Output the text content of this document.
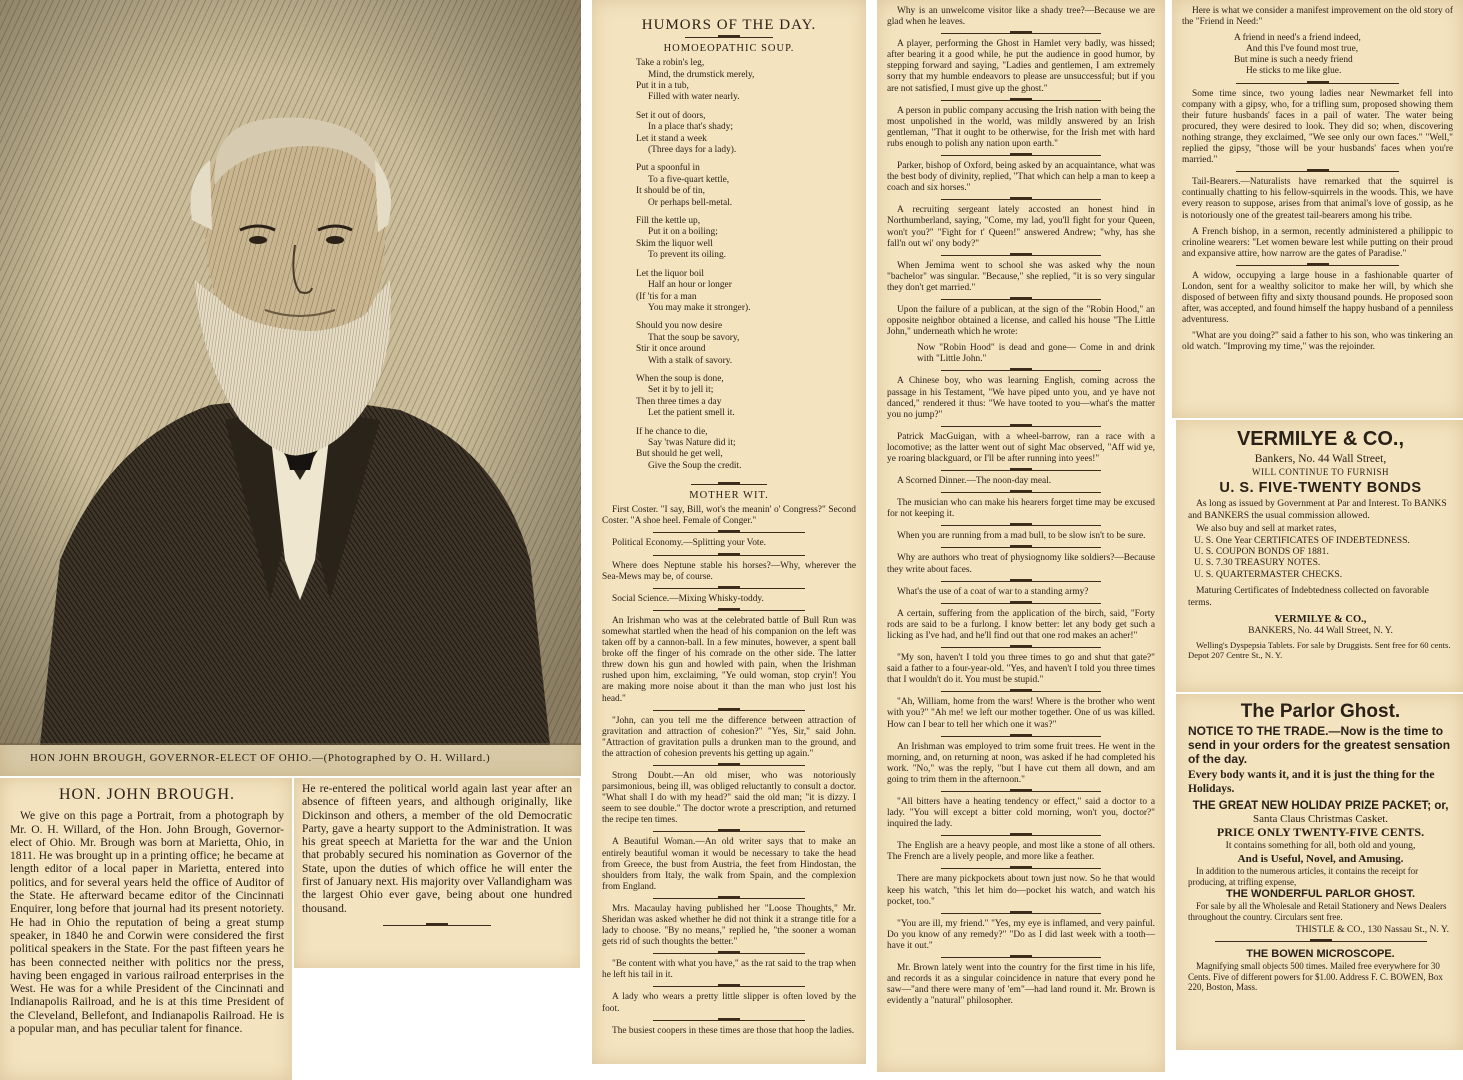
HON JOHN BROUGH, GOVERNOR-ELECT OF OHIO.—(Photographed by O. H. Willard.)
HON. JOHN BROUGH.

We give on this page a Portrait, from a photograph by Mr. O. H. Willard, of the Hon. John Brough, Governor-elect of Ohio. Mr. Brough was born at Marietta, Ohio, in 1811. He was brought up in a printing office; he became at length editor of a local paper in Marietta, entered into politics, and for several years held the office of Auditor of the State. He afterward became editor of the Cincinnati Enquirer, long before that journal had its present notoriety. He had in Ohio the reputation of being a great stump speaker, in 1840 he and Corwin were considered the first political speakers in the State. For the past fifteen years he has been connected neither with politics nor the press, having been engaged in various railroad enterprises in the West. He was for a while President of the Cincinnati and Indianapolis Railroad, and he is at this time President of the Cleveland, Bellefont, and Indianapolis Railroad. He is a popular man, and has peculiar talent for finance.

He re-entered the political world again last year after an absence of fifteen years, and although originally, like Dickinson and others, a member of the old Democratic Party, gave a hearty support to the Administration. It was his great speech at Marietta for the war and the Union that probably secured his nomination as Governor of the State, upon the duties of which office he will enter the first of January next. His majority over Vallandigham was the largest Ohio ever gave, being about one hundred thousand.

HUMORS OF THE DAY.
HOMOEOPATHIC SOUP.
Take a robin's leg,
Mind, the drumstick merely,
Put it in a tub,
Filled with water nearly.
Set it out of doors,
In a place that's shady;
Let it stand a week
(Three days for a lady).
Put a spoonful in
To a five-quart kettle,
It should be of tin,
Or perhaps bell-metal.
Fill the kettle up,
Put it on a boiling;
Skim the liquor well
To prevent its oiling.
Let the liquor boil
Half an hour or longer
(If 'tis for a man
You may make it stronger).
Should you now desire
That the soup be savory,
Stir it once around
With a stalk of savory.
When the soup is done,
Set it by to jell it;
Then three times a day
Let the patient smell it.
If he chance to die,
Say 'twas Nature did it;
But should he get well,
Give the Soup the credit.
MOTHER WIT.

First Coster. "I say, Bill, wot's the meanin' o' Congress?" Second Coster. "A shoe heel. Female of Conger."

Political Economy.—Splitting your Vote.

Where does Neptune stable his horses?—Why, wherever the Sea-Mews may be, of course.

Social Science.—Mixing Whisky-toddy.

An Irishman who was at the celebrated battle of Bull Run was somewhat startled when the head of his companion on the left was taken off by a cannon-ball. In a few minutes, however, a spent ball broke off the finger of his comrade on the other side. The latter threw down his gun and howled with pain, when the Irishman rushed upon him, exclaiming, "Ye ould woman, stop cryin'! You are making more noise about it than the man who just lost his head."

"John, can you tell me the difference between attraction of gravitation and attraction of cohesion?" "Yes, Sir," said John. "Attraction of gravitation pulls a drunken man to the ground, and the attraction of cohesion prevents his getting up again."

Strong Doubt.—An old miser, who was notoriously parsimonious, being ill, was obliged reluctantly to consult a doctor. "What shall I do with my head?" said the old man; "it is dizzy. I seem to see double." The doctor wrote a prescription, and returned the recipe ten times.

A Beautiful Woman.—An old writer says that to make an entirely beautiful woman it would be necessary to take the head from Greece, the bust from Austria, the feet from Hindostan, the shoulders from Italy, the walk from Spain, and the complexion from England.

Mrs. Macaulay having published her "Loose Thoughts," Mr. Sheridan was asked whether he did not think it a strange title for a lady to choose. "By no means," replied he, "the sooner a woman gets rid of such thoughts the better."

"Be content with what you have," as the rat said to the trap when he left his tail in it.

A lady who wears a pretty little slipper is often loved by the foot.

The busiest coopers in these times are those that hoop the ladies.

Why is an unwelcome visitor like a shady tree?—Because we are glad when he leaves.

A player, performing the Ghost in Hamlet very badly, was hissed; after bearing it a good while, he put the audience in good humor, by stepping forward and saying, "Ladies and gentlemen, I am extremely sorry that my humble endeavors to please are unsuccessful; but if you are not satisfied, I must give up the ghost."

A person in public company accusing the Irish nation with being the most unpolished in the world, was mildly answered by an Irish gentleman, "That it ought to be otherwise, for the Irish met with hard rubs enough to polish any nation upon earth."

Parker, bishop of Oxford, being asked by an acquaintance, what was the best body of divinity, replied, "That which can help a man to keep a coach and six horses."

A recruiting sergeant lately accosted an honest hind in Northumberland, saying, "Come, my lad, you'll fight for your Queen, won't you?" "Fight for t' Queen!" answered Andrew; "why, has she fall'n out wi' ony body?"

When Jemima went to school she was asked why the noun "bachelor" was singular. "Because," she replied, "it is so very singular they don't get married."

Upon the failure of a publican, at the sign of the "Robin Hood," an opposite neighbor obtained a license, and called his house "The Little John," underneath which he wrote:

Now "Robin Hood" is dead and gone— Come in and drink with "Little John."

A Chinese boy, who was learning English, coming across the passage in his Testament, "We have piped unto you, and ye have not danced," rendered it thus: "We have tooted to you—what's the matter you no jump?"

Patrick MacGuigan, with a wheel-barrow, ran a race with a locomotive; as the latter went out of sight Mac observed, "Aff wid ye, ye roaring blackguard, or I'll be after running into yees!"

A Scorned Dinner.—The noon-day meal.

The musician who can make his hearers forget time may be excused for not keeping it.

When you are running from a mad bull, to be slow isn't to be sure.

Why are authors who treat of physiognomy like soldiers?—Because they write about faces.

What's the use of a coat of war to a standing army?

A certain, suffering from the application of the birch, said, "Forty rods are said to be a furlong. I know better: let any body get such a licking as I've had, and he'll find out that one rod makes an acher!"

"My son, haven't I told you three times to go and shut that gate?" said a father to a four-year-old. "Yes, and haven't I told you three times that I wouldn't do it. You must be stupid."

"Ah, William, home from the wars! Where is the brother who went with you?" "Ah me! we left our mother together. One of us was killed. How can I bear to tell her which one it was?"

An Irishman was employed to trim some fruit trees. He went in the morning, and, on returning at noon, was asked if he had completed his work. "No," was the reply, "but I have cut them all down, and am going to trim them in the afternoon."

"All bitters have a heating tendency or effect," said a doctor to a lady. "You will except a bitter cold morning, won't you, doctor?" inquired the lady.

The English are a heavy people, and most like a stone of all others. The French are a lively people, and more like a feather.

There are many pickpockets about town just now. So he that would keep his watch, "this let him do—pocket his watch, and watch his pocket, too."

"You are ill, my friend." "Yes, my eye is inflamed, and very painful. Do you know of any remedy?" "Do as I did last week with a tooth—have it out."

Mr. Brown lately went into the country for the first time in his life, and records it as a singular coincidence in nature that every pond he saw—"and there were many of 'em"—had land round it. Mr. Brown is evidently a "natural" philosopher.

Here is what we consider a manifest improvement on the old story of the "Friend in Need:"

A friend in need's a friend indeed,
And this I've found most true,
But mine is such a needy friend
He sticks to me like glue.

Some time since, two young ladies near Newmarket fell into company with a gipsy, who, for a trifling sum, proposed showing them their future husbands' faces in a pail of water. The water being procured, they were desired to look. They did so; when, discovering nothing strange, they exclaimed, "We see only our own faces." "Well," replied the gipsy, "those will be your husbands' faces when you're married."

Tail-Bearers.—Naturalists have remarked that the squirrel is continually chatting to his fellow-squirrels in the woods. This, we have every reason to suppose, arises from that animal's love of gossip, as he is notoriously one of the greatest tail-bearers among his tribe.

A French bishop, in a sermon, recently administered a philippic to crinoline wearers: "Let women beware lest while putting on their proud and expansive attire, how narrow are the gates of Paradise."

A widow, occupying a large house in a fashionable quarter of London, sent for a wealthy solicitor to make her will, by which she disposed of between fifty and sixty thousand pounds. He proposed soon after, was accepted, and found himself the happy husband of a penniless adventuress.

"What are you doing?" said a father to his son, who was tinkering an old watch. "Improving my time," was the rejoinder.

VERMILYE & CO.,
Bankers, No. 44 Wall Street,
WILL CONTINUE TO FURNISH
U. S. FIVE-TWENTY BONDS
As long as issued by Government at Par and Interest. To BANKS and BANKERS the usual commission allowed.
We also buy and sell at market rates,
U. S. One Year CERTIFICATES OF INDEBTEDNESS.
U. S. COUPON BONDS OF 1881.
U. S. 7.30 TREASURY NOTES.
U. S. QUARTERMASTER CHECKS.
Maturing Certificates of Indebtedness collected on favorable terms.
VERMILYE & CO.,
BANKERS, No. 44 Wall Street, N. Y.
Welling's Dyspepsia Tablets. For sale by Druggists. Sent free for 60 cents. Depot 207 Centre St., N. Y.
The Parlor Ghost.
NOTICE TO THE TRADE.—Now is the time to send in your orders for the greatest sensation of the day.
Every body wants it, and it is just the thing for the Holidays.
THE GREAT NEW HOLIDAY PRIZE PACKET; or,
Santa Claus Christmas Casket.
PRICE ONLY TWENTY-FIVE CENTS.
It contains something for all, both old and young,
And is Useful, Novel, and Amusing.
In addition to the numerous articles, it contains the receipt for producing, at trifling expense,
THE WONDERFUL PARLOR GHOST.
For sale by all the Wholesale and Retail Stationery and News Dealers throughout the country. Circulars sent free.
THISTLE & CO., 130 Nassau St., N. Y.
THE BOWEN MICROSCOPE.
Magnifying small objects 500 times. Mailed free everywhere for 30 Cents. Five of different powers for $1.00. Address F. C. BOWEN, Box 220, Boston, Mass.
